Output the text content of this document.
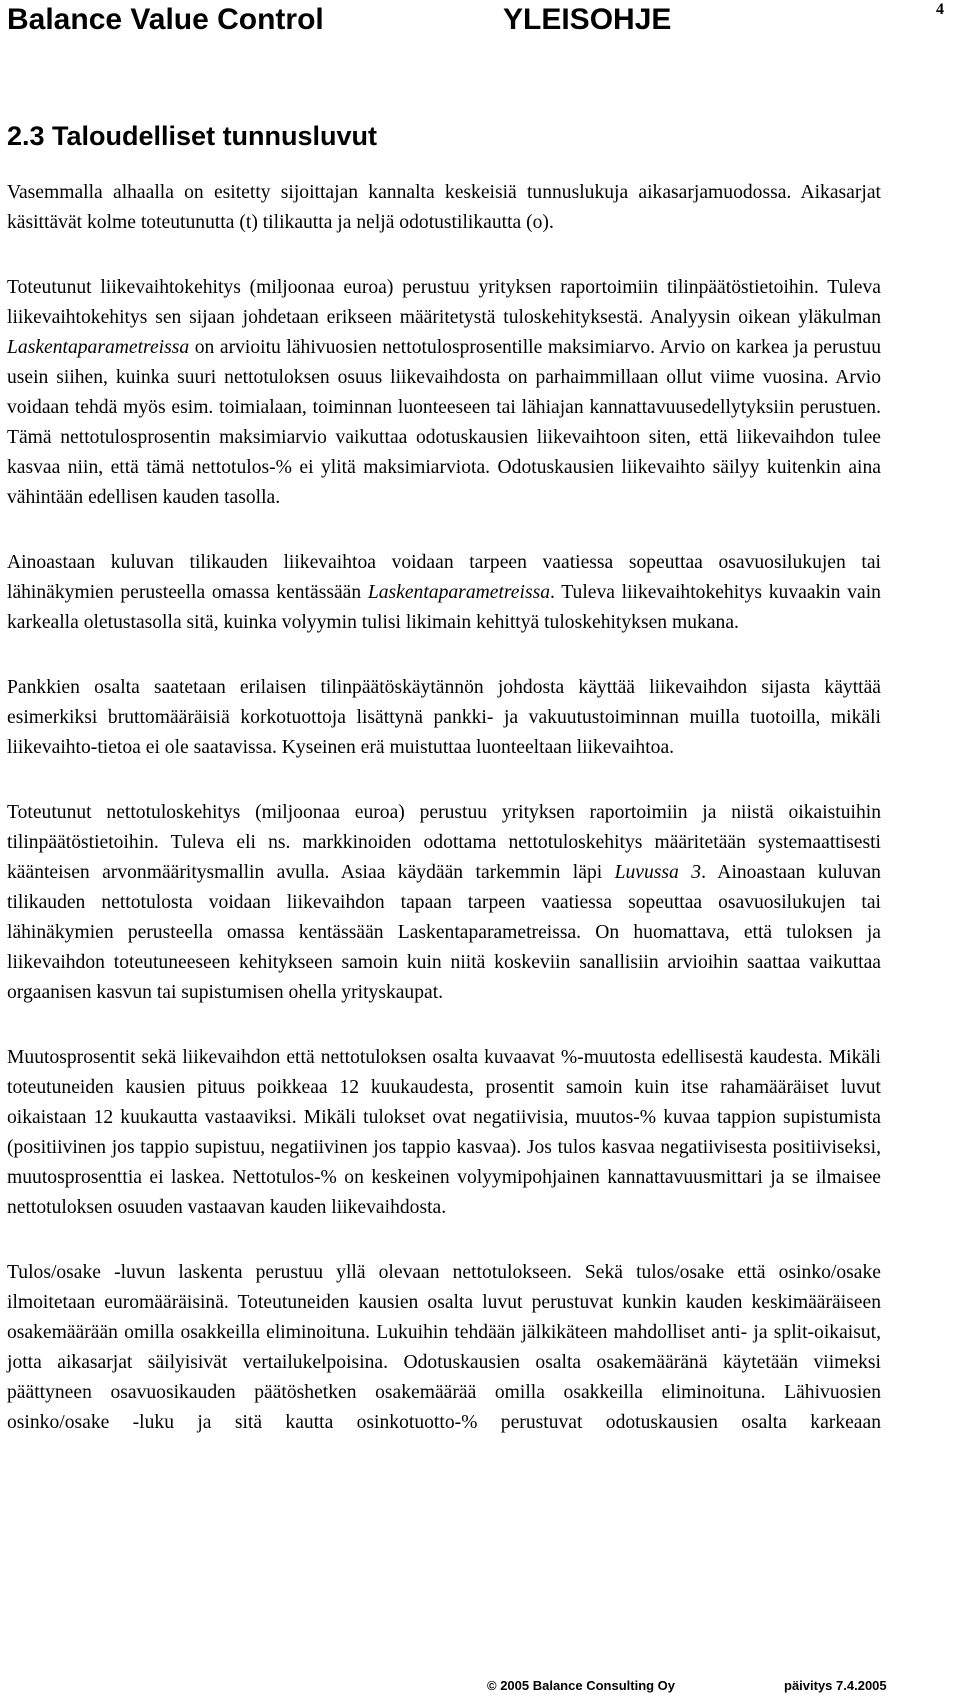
Balance Value Control	YLEISOHJE	4
2.3 Taloudelliset tunnusluvut

Vasemmalla alhaalla on esitetty sijoittajan kannalta keskeisiä tunnuslukuja aikasarjamuodossa. Aikasarjat käsittävät kolme toteutunutta (t) tilikautta ja neljä odotustilikautta (o).

Toteutunut liikevaihtokehitys (miljoonaa euroa) perustuu yrityksen raportoimiin tilinpäätöstietoihin. Tuleva liikevaihtokehitys sen sijaan johdetaan erikseen määritetystä tuloskehityksestä. Analyysin oikean yläkulman Laskentaparametreissa on arvioitu lähivuosien nettotulosprosentille maksimiarvo. Arvio on karkea ja perustuu usein siihen, kuinka suuri nettotuloksen osuus liikevaihdosta on parhaimmillaan ollut viime vuosina. Arvio voidaan tehdä myös esim. toimialaan, toiminnan luonteeseen tai lähiajan kannattavuusedellytyksiin perustuen. Tämä nettotulosprosentin maksimiarvio vaikuttaa odotuskausien liikevaihtoon siten, että liikevaihdon tulee kasvaa niin, että tämä nettotulos-% ei ylitä maksimiarviota. Odotuskausien liikevaihto säilyy kuitenkin aina vähintään edellisen kauden tasolla.

Ainoastaan kuluvan tilikauden liikevaihtoa voidaan tarpeen vaatiessa sopeuttaa osavuosilukujen tai lähinäkymien perusteella omassa kentässään Laskentaparametreissa. Tuleva liikevaihtokehitys kuvaakin vain karkealla oletustasolla sitä, kuinka volyymin tulisi likimain kehittyä tuloskehityksen mukana.

Pankkien osalta saatetaan erilaisen tilinpäätöskäytännön johdosta käyttää liikevaihdon sijasta käyttää esimerkiksi bruttomääräisiä korkotuottoja lisättynä pankki- ja vakuutustoiminnan muilla tuotoilla, mikäli liikevaihto-tietoa ei ole saatavissa. Kyseinen erä muistuttaa luonteeltaan liikevaihtoa.

Toteutunut nettotuloskehitys (miljoonaa euroa) perustuu yrityksen raportoimiin ja niistä oikaistuihin tilinpäätöstietoihin. Tuleva eli ns. markkinoiden odottama nettotuloskehitys määritetään systemaattisesti käänteisen arvonmääritysmallin avulla. Asiaa käydään tarkemmin läpi Luvussa 3. Ainoastaan kuluvan tilikauden nettotulosta voidaan liikevaihdon tapaan tarpeen vaatiessa sopeuttaa osavuosilukujen tai lähinäkymien perusteella omassa kentässään Laskentaparametreissa. On huomattava, että tuloksen ja liikevaihdon toteutuneeseen kehitykseen samoin kuin niitä koskeviin sanallisiin arvioihin saattaa vaikuttaa orgaanisen kasvun tai supistumisen ohella yrityskaupat.

Muutosprosentit sekä liikevaihdon että nettotuloksen osalta kuvaavat %-muutosta edellisestä kaudesta. Mikäli toteutuneiden kausien pituus poikkeaa 12 kuukaudesta, prosentit samoin kuin itse rahamääräiset luvut oikaistaan 12 kuukautta vastaaviksi. Mikäli tulokset ovat negatiivisia, muutos-% kuvaa tappion supistumista (positiivinen jos tappio supistuu, negatiivinen jos tappio kasvaa). Jos tulos kasvaa negatiivisesta positiiviseksi, muutosprosenttia ei laskea. Nettotulos-% on keskeinen volyymipohjainen kannattavuusmittari ja se ilmaisee nettotuloksen osuuden vastaavan kauden liikevaihdosta.

Tulos/osake -luvun laskenta perustuu yllä olevaan nettotulokseen. Sekä tulos/osake että osinko/osake ilmoitetaan euromääräisinä. Toteutuneiden kausien osalta luvut perustuvat kunkin kauden keskimääräiseen osakemäärään omilla osakkeilla eliminoituna. Lukuihin tehdään jälkikäteen mahdolliset anti- ja split-oikaisut, jotta aikasarjat säilyisivät vertailukelpoisina. Odotuskausien osalta osakemääränä käytetään viimeksi päättyneen osavuosikauden päätöshetken osakemäärää omilla osakkeilla eliminoituna. Lähivuosien osinko/osake -luku ja sitä kautta osinkotuotto-% perustuvat odotuskausien osalta karkeaan

© 2005 Balance Consulting Oy	päivitys 7.4.2005
